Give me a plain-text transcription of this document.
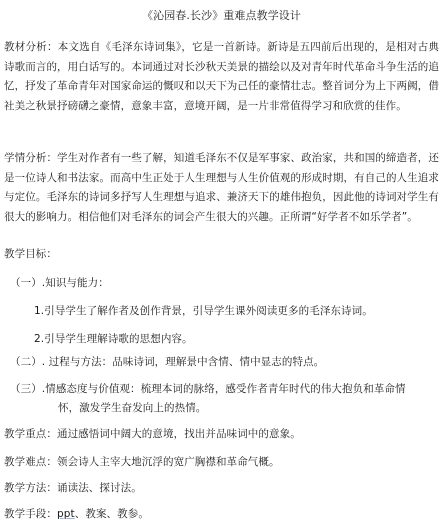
《沁园春.长沙》重难点教学设计
教材分析：本文选自《毛泽东诗词集》，它是一首新诗。新诗是五四前后出现的，是相对古典诗歌而言的，用白话写的。本词通过对长沙秋天美景的描绘以及对青年时代革命斗争生活的追忆，抒发了革命青年对国家命运的慨叹和以天下为己任的豪情壮志。整首词分为上下两阙，借社美之秋景抒磅礴之豪情，意象丰富，意境开阔，是一片非常值得学习和欣赏的佳作。
学情分析：学生对作者有一些了解，知道毛泽东不仅是军事家、政治家，共和国的缔造者，还是一位诗人和书法家。而高中生正处于人生理想与人生价值观的形成时期，有自己的人生追求与定位。毛泽东的诗词多抒写人生理想与追求、兼济天下的雄伟抱负，因此他的诗词对学生有很大的影响力。相信他们对毛泽东的词会产生很大的兴趣。正所谓“好学者不如乐学者”。
教学目标：
（一）.知识与能力：
1.引导学生了解作者及创作背景，引导学生课外阅读更多的毛泽东诗词。
2.引导学生理解诗歌的思想内容。
（二）. 过程与方法：品味诗词，理解景中含情、情中显志的特点。
（三）.情感态度与价值观：梳理本词的脉络，感受作者青年时代的伟大抱负和革命情
怀，激发学生奋发向上的热情。
教学重点：通过感悟词中阔大的意境，找出并品味词中的意象。
教学难点：领会诗人主宰大地沉浮的宽广胸襟和革命气概。
教学方法：诵读法、探讨法。
教学手段：ppt、教案、教参。
